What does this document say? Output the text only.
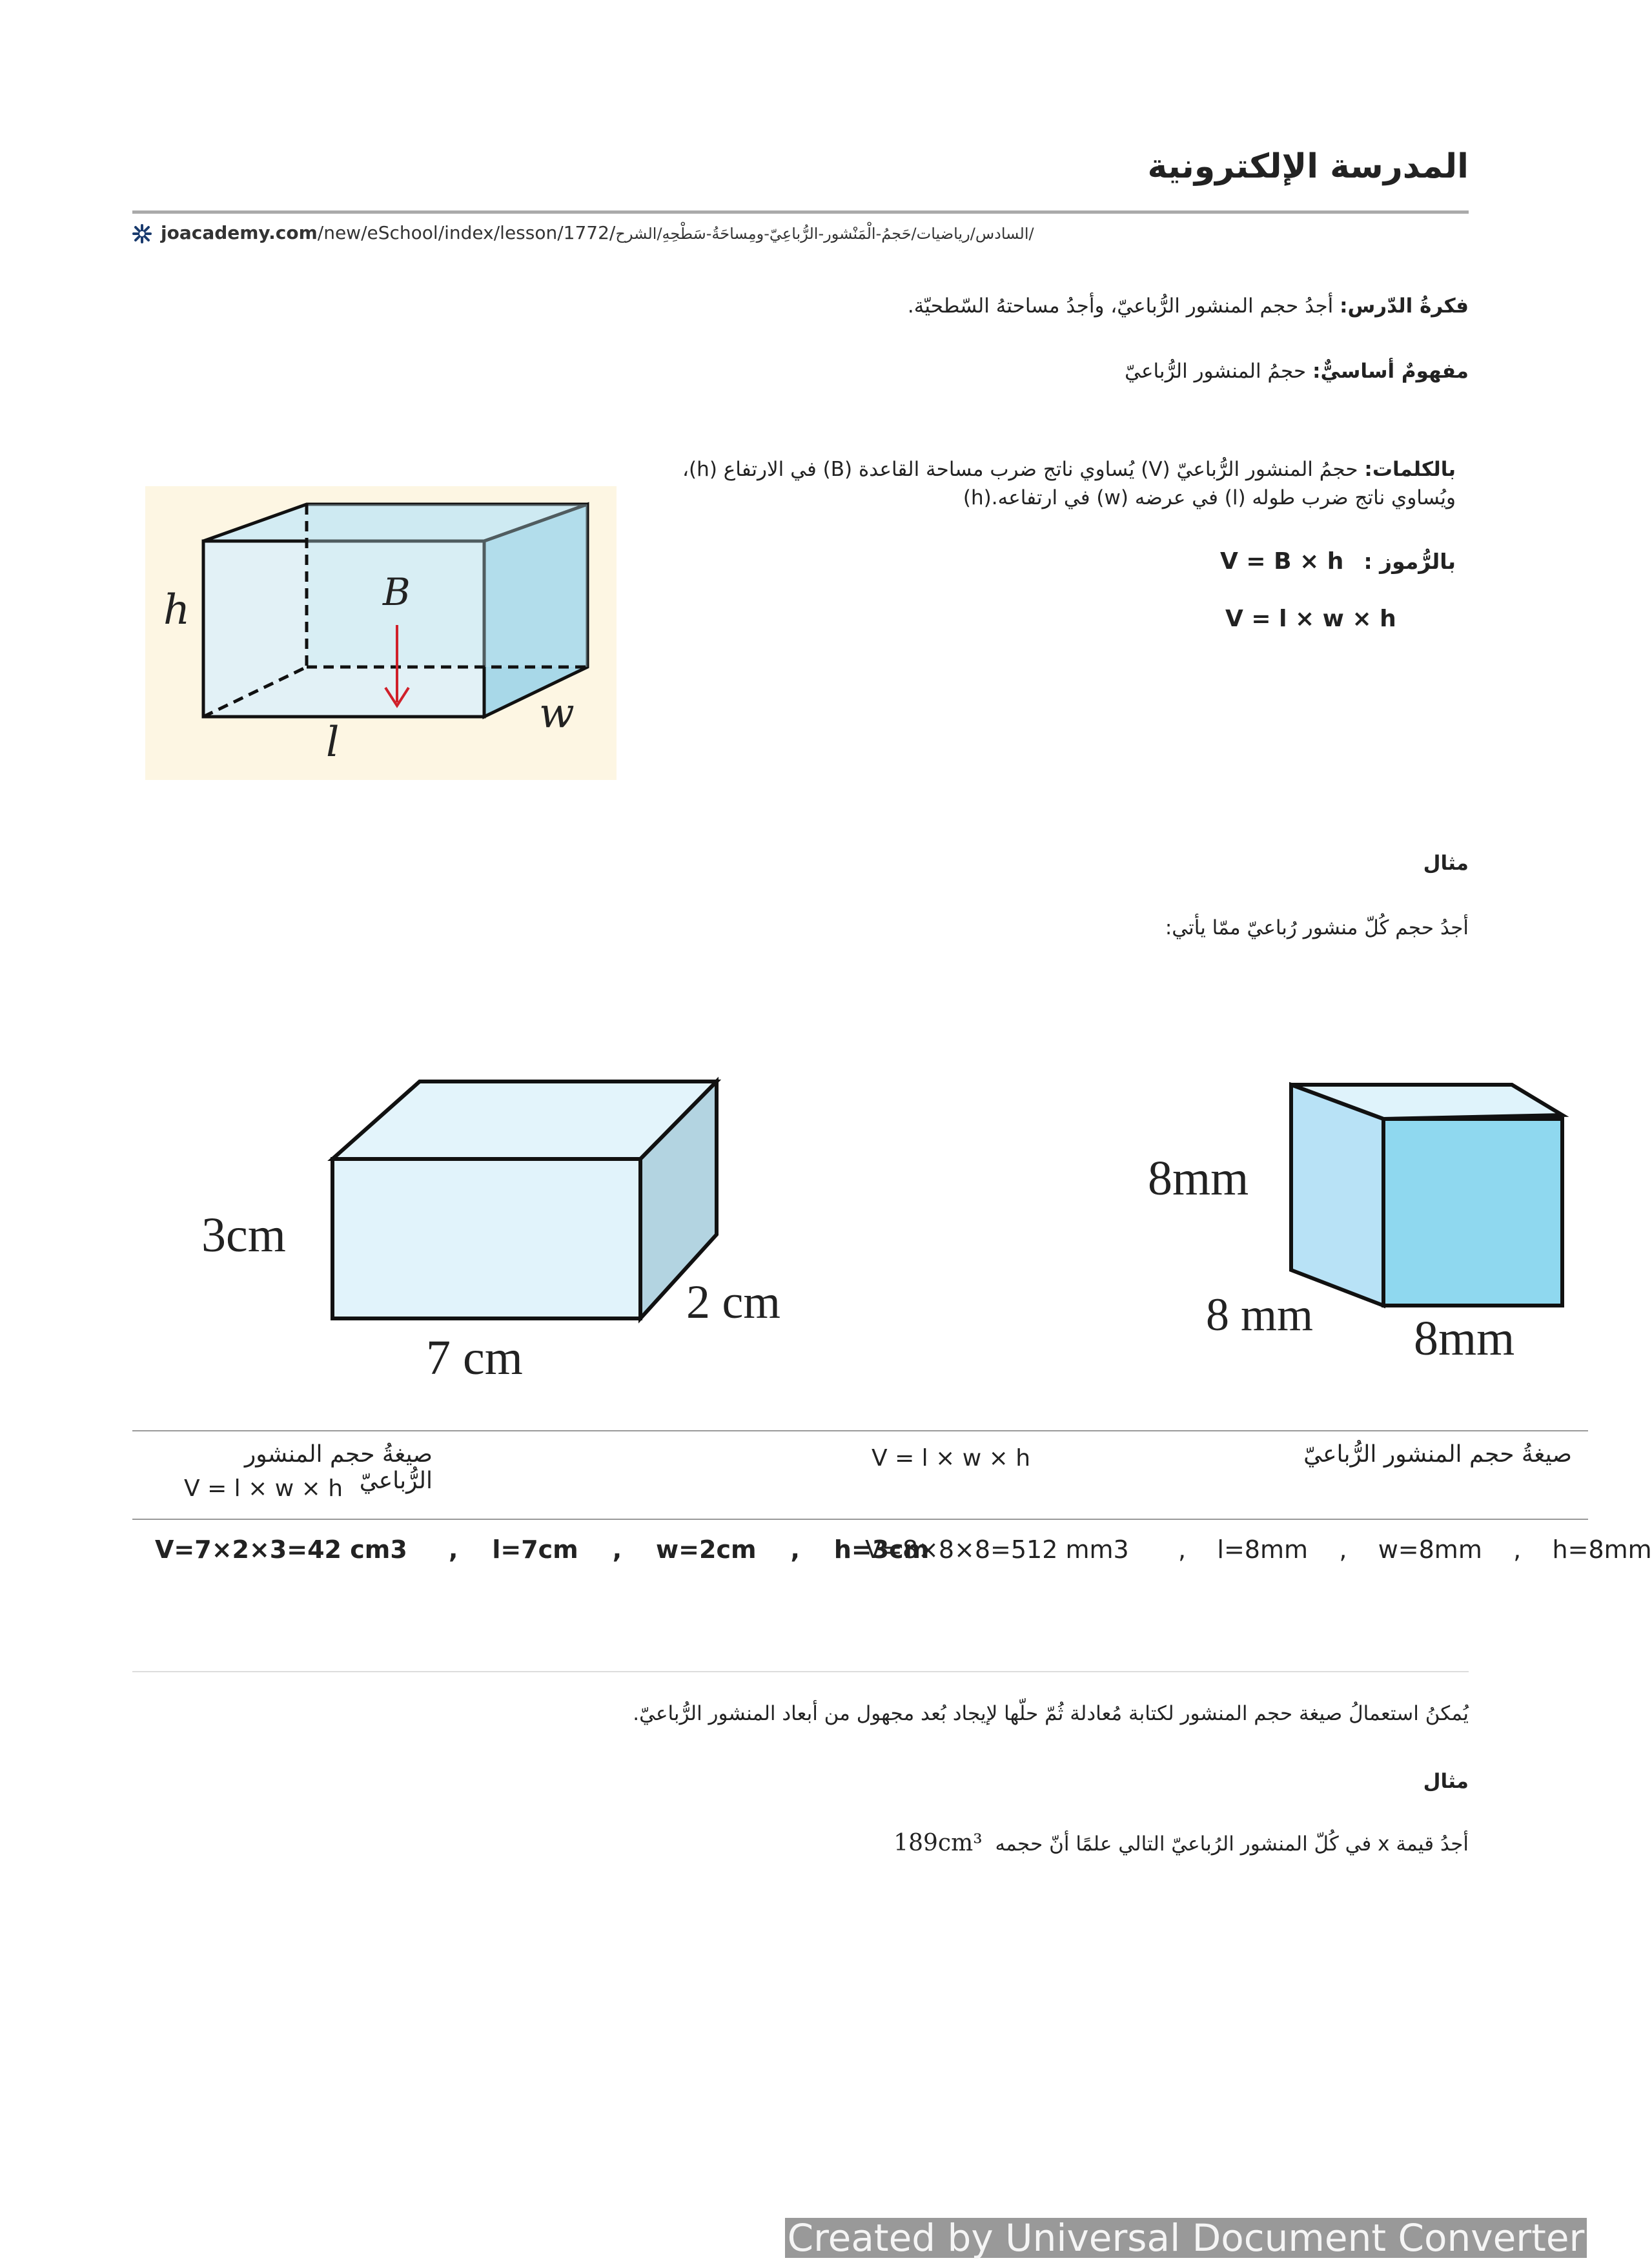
المدرسة الإلكترونية
joacademy.com/new/eSchool/index/lesson/1772/السادس/رياضيات/حَجمُ-الْمَنْشور-الرُّباعِيّ-ومِساحَةُ-سَطْحِهِ/الشرح/
فكرةُ الدّرس: أجدُ حجم المنشور الرُّباعيّ، وأجدُ مساحتهُ السّطحيّة.
مفهومٌ أساسيٌّ: حجمُ المنشور الرُّباعيّ
بالكلمات: حجمُ المنشور الرُّباعيّ (V) يُساوي ناتج ضرب مساحة القاعدة (B) في الارتفاع (h)، ويُساوي ناتج ضرب طوله (l) في عرضه (w) في ارتفاعه.(h)
بالرُّموز : V = B × h
V = l × w × h
h	B
l
w
مثال
أجدُ حجم كُلّ منشور رُباعيّ ممّا يأتي:
3cm
2 cm
7 cm
8mm
8 mm 8mm
صيغةُ حجم المنشور الرُّباعيّ
V = l × w × h
V = l × w × h	صيغةُ حجم المنشور الرُّباعيّ
V=7×2×3=42 cm3 ,    l=7cm    ,    w=2cm    ,    h=3cm
V=8×8×8=512 mm3 ,    l=8mm    ,    w=8mm    ,    h=8mm
يُمكنُ استعمالُ صيغة حجم المنشور لكتابة مُعادلة ثُمّ حلّها لإيجاد بُعد مجهول من أبعاد المنشور الرُّباعيّ.
مثال
أجدُ قيمة x في كُلّ المنشور الرُباعيّ التالي علمًا أنّ حجمه 189cm³
Created by Universal Document Converter
